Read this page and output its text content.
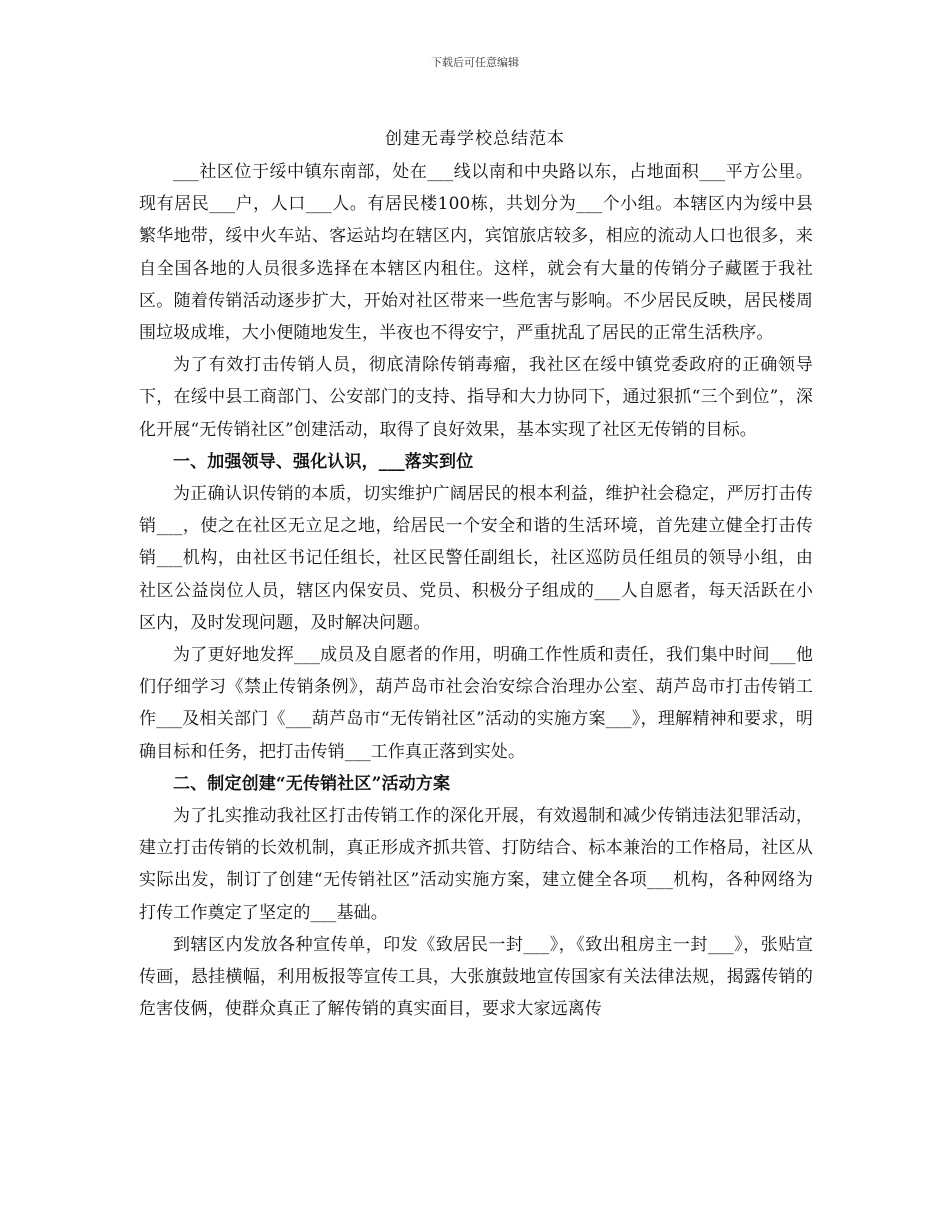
下载后可任意编辑
创建无毒学校总结范本

___社区位于绥中镇东南部，处在___线以南和中央路以东，占地面积___平方公里。现有居民___户，人口___人。有居民楼100栋，共划分为___个小组。本辖区内为绥中县繁华地带，绥中火车站、客运站均在辖区内，宾馆旅店较多，相应的流动人口也很多，来自全国各地的人员很多选择在本辖区内租住。这样，就会有大量的传销分子藏匿于我社区。随着传销活动逐步扩大，开始对社区带来一些危害与影响。不少居民反映，居民楼周围垃圾成堆，大小便随地发生，半夜也不得安宁，严重扰乱了居民的正常生活秩序。

为了有效打击传销人员，彻底清除传销毒瘤，我社区在绥中镇党委政府的正确领导下，在绥中县工商部门、公安部门的支持、指导和大力协同下，通过狠抓“三个到位”，深化开展“无传销社区”创建活动，取得了良好效果，基本实现了社区无传销的目标。

一、加强领导、强化认识，___落实到位

为正确认识传销的本质，切实维护广阔居民的根本利益，维护社会稳定，严厉打击传销___，使之在社区无立足之地，给居民一个安全和谐的生活环境，首先建立健全打击传销___机构，由社区书记任组长，社区民警任副组长，社区巡防员任组员的领导小组，由社区公益岗位人员，辖区内保安员、党员、积极分子组成的___人自愿者，每天活跃在小区内，及时发现问题，及时解决问题。

为了更好地发挥___成员及自愿者的作用，明确工作性质和责任，我们集中时间___他们仔细学习《禁止传销条例》，葫芦岛市社会治安综合治理办公室、葫芦岛市打击传销工作___及相关部门《___葫芦岛市“无传销社区”活动的实施方案___》，理解精神和要求，明确目标和任务，把打击传销___工作真正落到实处。

二、制定创建“无传销社区”活动方案

为了扎实推动我社区打击传销工作的深化开展，有效遏制和减少传销违法犯罪活动，建立打击传销的长效机制，真正形成齐抓共管、打防结合、标本兼治的工作格局，社区从实际出发，制订了创建“无传销社区”活动实施方案，建立健全各项___机构，各种网络为打传工作奠定了坚定的___基础。

到辖区内发放各种宣传单，印发《致居民一封___》，《致出租房主一封___》，张贴宣传画，悬挂横幅，利用板报等宣传工具，大张旗鼓地宣传国家有关法律法规，揭露传销的危害伎俩，使群众真正了解传销的真实面目，要求大家远离传
